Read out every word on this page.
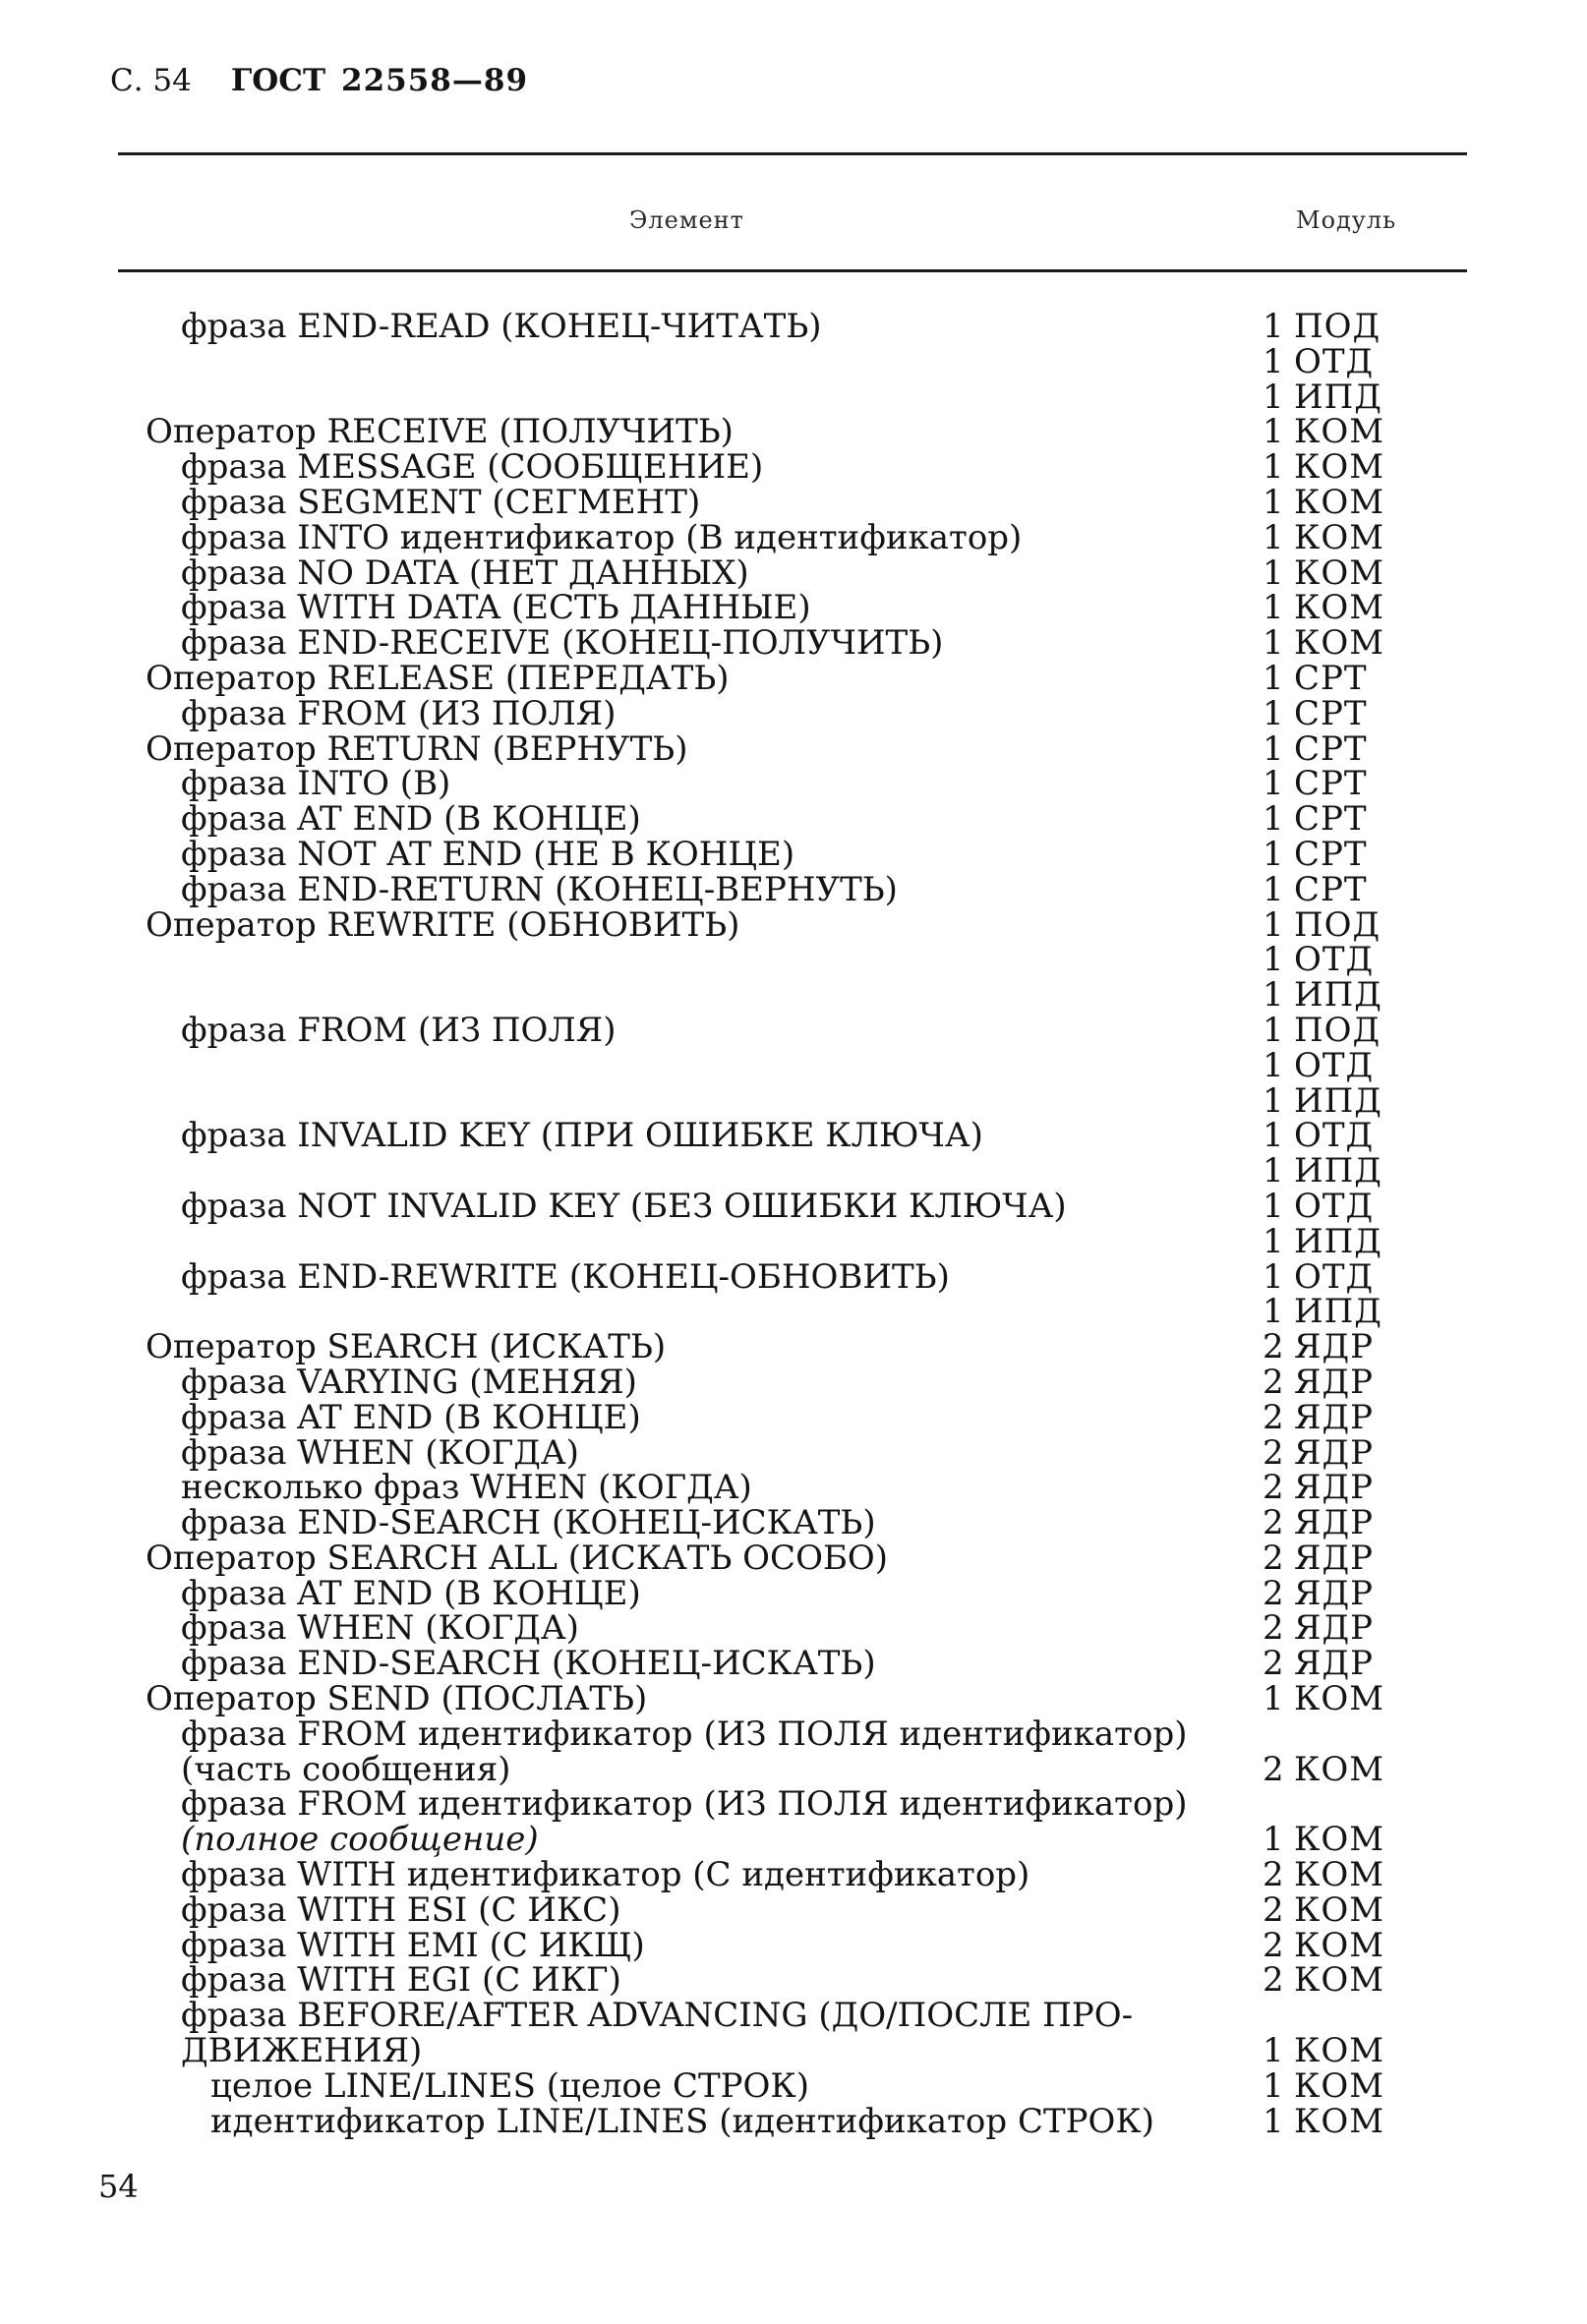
С. 54 ГОСТ 22558—89
Элемент	Модуль
фраза END-READ (КОНЕЦ-ЧИТАТЬ)	1 ПОД
1 ОТД
1 ИПД
Оператор RECEIVE (ПОЛУЧИТЬ)	1 КОМ
фраза MESSAGE (СООБЩЕНИЕ)	1 КОМ
фраза SEGMENT (СЕГМЕНТ)	1 КОМ
фраза INTO идентификатор (В идентификатор)	1 КОМ
фраза NO DATA (НЕТ ДАННЫХ)	1 КОМ
фраза WITH DATA (ЕСТЬ ДАННЫЕ)	1 КОМ
фраза END-RECEIVE (КОНЕЦ-ПОЛУЧИТЬ)	1 КОМ
Оператор RELEASE (ПЕРЕДАТЬ)	1 СРТ
фраза FROM (ИЗ ПОЛЯ)	1 СРТ
Оператор RETURN (ВЕРНУТЬ)	1 СРТ
фраза INTO (В)	1 СРТ
фраза AT END (В КОНЦЕ)	1 СРТ
фраза NOT AT END (НЕ В КОНЦЕ)	1 СРТ
фраза END-RETURN (КОНЕЦ-ВЕРНУТЬ)	1 СРТ
Оператор REWRITE (ОБНОВИТЬ)	1 ПОД
1 ОТД
1 ИПД
фраза FROM (ИЗ ПОЛЯ)	1 ПОД
1 ОТД
1 ИПД
фраза INVALID KEY (ПРИ ОШИБКЕ КЛЮЧА)	1 ОТД
1 ИПД
фраза NOT INVALID KEY (БЕЗ ОШИБКИ КЛЮЧА)	1 ОТД
1 ИПД
фраза END-REWRITE (КОНЕЦ-ОБНОВИТЬ)	1 ОТД
1 ИПД
Оператор SEARCH (ИСКАТЬ)	2 ЯДР
фраза VARYING (МЕНЯЯ)	2 ЯДР
фраза AT END (В КОНЦЕ)	2 ЯДР
фраза WHEN (КОГДА)	2 ЯДР
несколько фраз WHEN (КОГДА)	2 ЯДР
фраза END-SEARCH (КОНЕЦ-ИСКАТЬ)	2 ЯДР
Оператор SEARCH ALL (ИСКАТЬ ОСОБО)	2 ЯДР
фраза AT END (В КОНЦЕ)	2 ЯДР
фраза WHEN (КОГДА)	2 ЯДР
фраза END-SEARCH (КОНЕЦ-ИСКАТЬ)	2 ЯДР
Оператор SEND (ПОСЛАТЬ)	1 КОМ
фраза FROM идентификатор (ИЗ ПОЛЯ идентификатор)
(часть сообщения)	2 КОМ
фраза FROM идентификатор (ИЗ ПОЛЯ идентификатор)
(полное сообщение)	1 КОМ
фраза WITH идентификатор (С идентификатор)	2 КОМ
фраза WITH ESI (С ИКС)	2 КОМ
фраза WITH EMI (С ИКЩ)	2 КОМ
фраза WITH EGI (С ИКГ)	2 КОМ
фраза BEFORE/AFTER ADVANCING (ДО/ПОСЛЕ ПРО-
ДВИЖЕНИЯ)	1 КОМ
целое LINE/LINES (целое СТРОК)	1 КОМ
идентификатор LINE/LINES (идентификатор СТРОК)	1 КОМ
54
